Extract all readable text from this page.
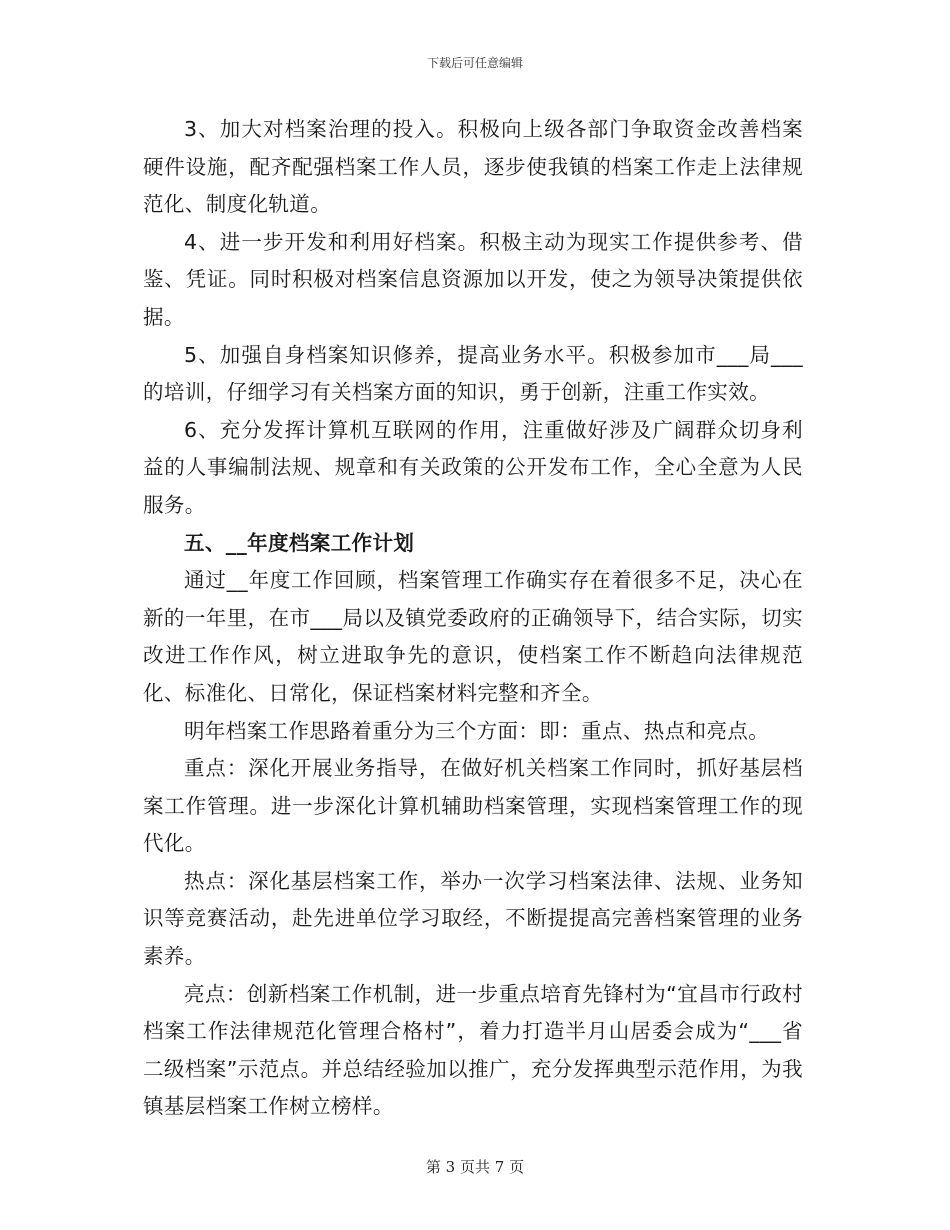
下载后可任意编辑

3、加大对档案治理的投入。积极向上级各部门争取资金改善档案硬件设施，配齐配强档案工作人员，逐步使我镇的档案工作走上法律规范化、制度化轨道。

4、进一步开发和利用好档案。积极主动为现实工作提供参考、借鉴、凭证。同时积极对档案信息资源加以开发，使之为领导决策提供依据。

5、加强自身档案知识修养，提高业务水平。积极参加市___局___的培训，仔细学习有关档案方面的知识，勇于创新，注重工作实效。

6、充分发挥计算机互联网的作用，注重做好涉及广阔群众切身利益的人事编制法规、规章和有关政策的公开发布工作，全心全意为人民服务。

五、__年度档案工作计划

通过__年度工作回顾，档案管理工作确实存在着很多不足，决心在新的一年里，在市___局以及镇党委政府的正确领导下，结合实际，切实改进工作作风，树立进取争先的意识，使档案工作不断趋向法律规范化、标准化、日常化，保证档案材料完整和齐全。

明年档案工作思路着重分为三个方面：即：重点、热点和亮点。

重点：深化开展业务指导，在做好机关档案工作同时，抓好基层档案工作管理。进一步深化计算机辅助档案管理，实现档案管理工作的现代化。

热点：深化基层档案工作，举办一次学习档案法律、法规、业务知识等竞赛活动，赴先进单位学习取经，不断提提高完善档案管理的业务素养。

亮点：创新档案工作机制，进一步重点培育先锋村为“宜昌市行政村档案工作法律规范化管理合格村”，着力打造半月山居委会成为“___省二级档案”示范点。并总结经验加以推广，充分发挥典型示范作用，为我镇基层档案工作树立榜样。

第 3 页共 7 页
